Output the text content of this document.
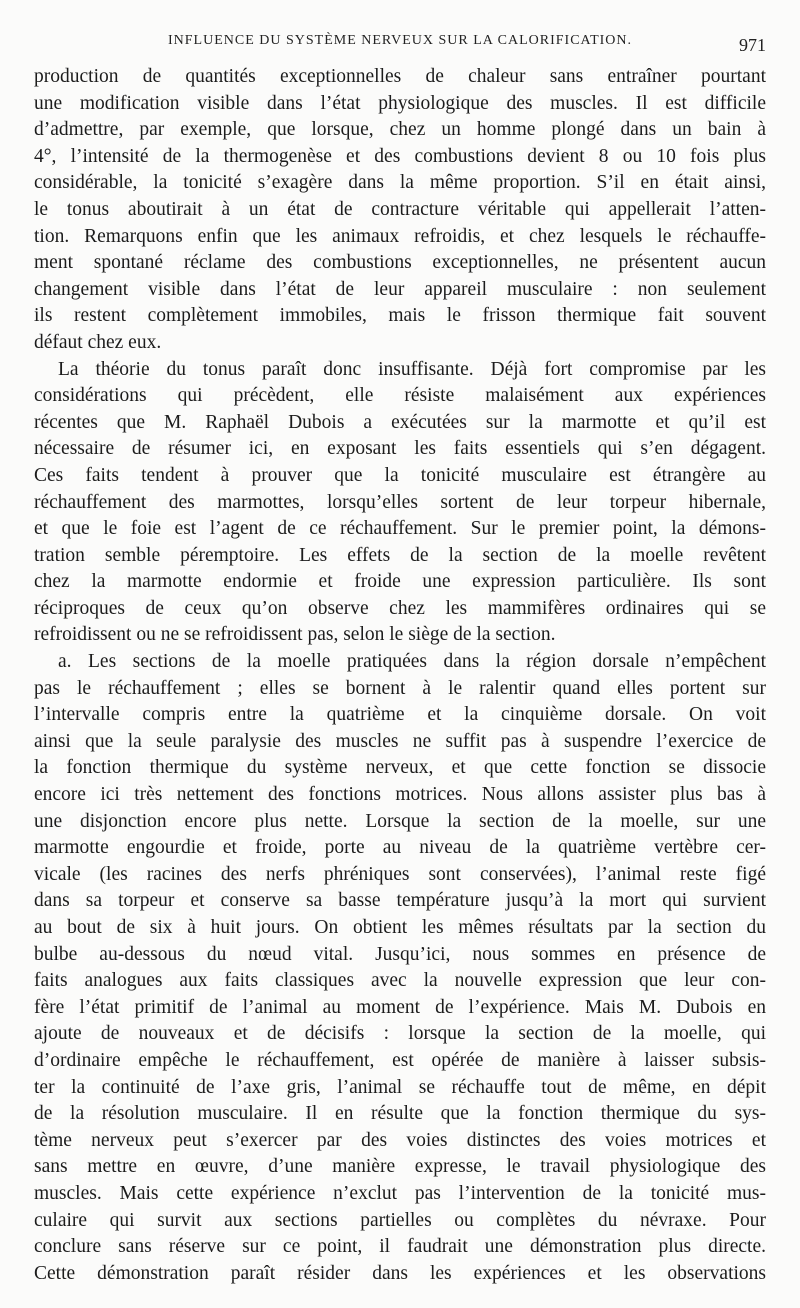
INFLUENCE DU SYSTÈME NERVEUX SUR LA CALORIFICATION.	971
production de quantités exceptionnelles de chaleur sans entraîner pourtant
une modification visible dans l’état physiologique des muscles. Il est difficile
d’admettre, par exemple, que lorsque, chez un homme plongé dans un bain à
4°, l’intensité de la thermogenèse et des combustions devient 8 ou 10 fois plus
considérable, la tonicité s’exagère dans la même proportion. S’il en était ainsi,
le tonus aboutirait à un état de contracture véritable qui appellerait l’atten-
tion. Remarquons enfin que les animaux refroidis, et chez lesquels le réchauffe-
ment spontané réclame des combustions exceptionnelles, ne présentent aucun
changement visible dans l’état de leur appareil musculaire : non seulement
ils restent complètement immobiles, mais le frisson thermique fait souvent
défaut chez eux.
La théorie du tonus paraît donc insuffisante. Déjà fort compromise par les
considérations qui précèdent, elle résiste malaisément aux expériences
récentes que M. Raphaël Dubois a exécutées sur la marmotte et qu’il est
nécessaire de résumer ici, en exposant les faits essentiels qui s’en dégagent.
Ces faits tendent à prouver que la tonicité musculaire est étrangère au
réchauffement des marmottes, lorsqu’elles sortent de leur torpeur hibernale,
et que le foie est l’agent de ce réchauffement. Sur le premier point, la démons-
tration semble péremptoire. Les effets de la section de la moelle revêtent
chez la marmotte endormie et froide une expression particulière. Ils sont
réciproques de ceux qu’on observe chez les mammifères ordinaires qui se
refroidissent ou ne se refroidissent pas, selon le siège de la section.
a. Les sections de la moelle pratiquées dans la région dorsale n’empêchent
pas le réchauffement ; elles se bornent à le ralentir quand elles portent sur
l’intervalle compris entre la quatrième et la cinquième dorsale. On voit
ainsi que la seule paralysie des muscles ne suffit pas à suspendre l’exercice de
la fonction thermique du système nerveux, et que cette fonction se dissocie
encore ici très nettement des fonctions motrices. Nous allons assister plus bas à
une disjonction encore plus nette. Lorsque la section de la moelle, sur une
marmotte engourdie et froide, porte au niveau de la quatrième vertèbre cer-
vicale (les racines des nerfs phréniques sont conservées), l’animal reste figé
dans sa torpeur et conserve sa basse température jusqu’à la mort qui survient
au bout de six à huit jours. On obtient les mêmes résultats par la section du
bulbe au-dessous du nœud vital. Jusqu’ici, nous sommes en présence de
faits analogues aux faits classiques avec la nouvelle expression que leur con-
fère l’état primitif de l’animal au moment de l’expérience. Mais M. Dubois en
ajoute de nouveaux et de décisifs : lorsque la section de la moelle, qui
d’ordinaire empêche le réchauffement, est opérée de manière à laisser subsis-
ter la continuité de l’axe gris, l’animal se réchauffe tout de même, en dépit
de la résolution musculaire. Il en résulte que la fonction thermique du sys-
tème nerveux peut s’exercer par des voies distinctes des voies motrices et
sans mettre en œuvre, d’une manière expresse, le travail physiologique des
muscles. Mais cette expérience n’exclut pas l’intervention de la tonicité mus-
culaire qui survit aux sections partielles ou complètes du névraxe. Pour
conclure sans réserve sur ce point, il faudrait une démonstration plus directe.
Cette démonstration paraît résider dans les expériences et les observations
